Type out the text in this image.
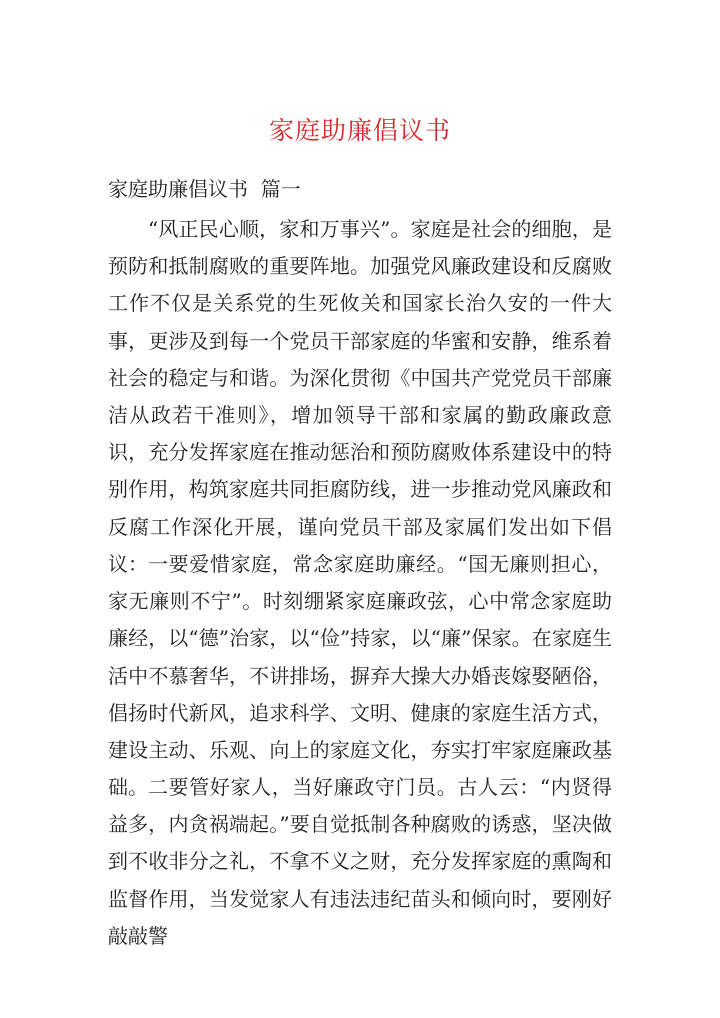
家庭助廉倡议书
家庭助廉倡议书  篇一

“风正民心顺，家和万事兴”。家庭是社会的细胞，是预防和抵制腐败的重要阵地。加强党风廉政建设和反腐败工作不仅是关系党的生死攸关和国家长治久安的一件大事，更涉及到每一个党员干部家庭的华蜜和安静，维系着社会的稳定与和谐。为深化贯彻《中国共产党党员干部廉洁从政若干准则》，增加领导干部和家属的勤政廉政意识，充分发挥家庭在推动惩治和预防腐败体系建设中的特别作用，构筑家庭共同拒腐防线，进一步推动党风廉政和反腐工作深化开展，谨向党员干部及家属们发出如下倡议： 一要爱惜家庭，常念家庭助廉经。“国无廉则担心，家无廉则不宁”。时刻绷紧家庭廉政弦，心中常念家庭助廉经，以“德”治家，以“俭”持家，以“廉”保家。在家庭生活中不慕奢华，不讲排场，摒弃大操大办婚丧嫁娶陋俗，倡扬时代新风，追求科学、文明、健康的家庭生活方式，建设主动、乐观、向上的家庭文化，夯实打牢家庭廉政基础。 二要管好家人，当好廉政守门员。古人云：“内贤得益多，内贪祸端起。”要自觉抵制各种腐败的诱惑，坚决做到不收非分之礼，不拿不义之财，充分发挥家庭的熏陶和监督作用，当发觉家人有违法违纪苗头和倾向时，要刚好敲敲警
